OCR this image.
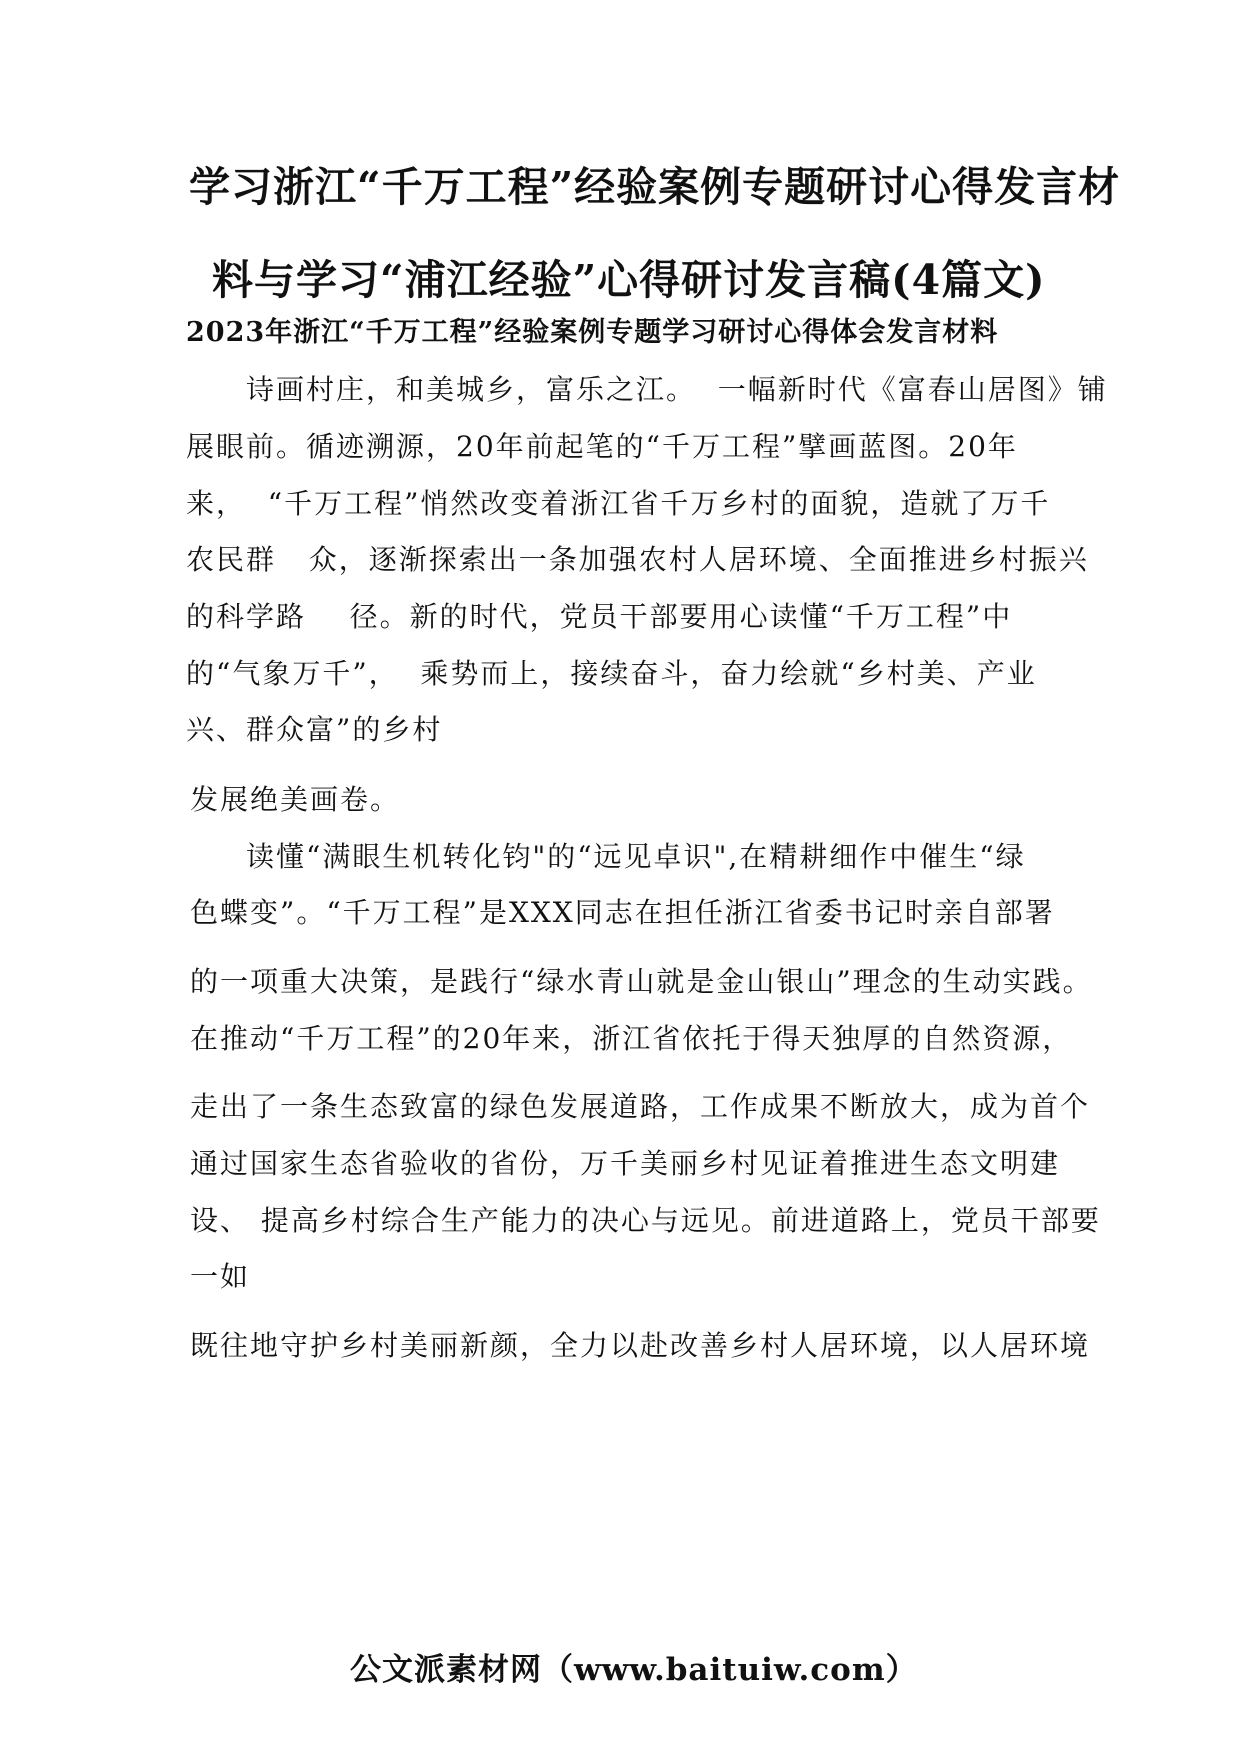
学习浙江“千万工程”经验案例专题研讨心得发言材
料与学习“浦江经验”心得研讨发言稿(4篇文)
2023年浙江“千万工程”经验案例专题学习研讨心得体会发言材料
诗画村庄，和美城乡，富乐之江。  一幅新时代《富春山居图》铺
展眼前。循迹溯源，20年前起笔的“千万工程”擘画蓝图。20年
来，  “千万工程”悄然改变着浙江省千万乡村的面貌，造就了万千
农民群   众，逐渐探索出一条加强农村人居环境、全面推进乡村振兴
的科学路    径。新的时代，党员干部要用心读懂“千万工程”中
的“气象万千”，  乘势而上，接续奋斗，奋力绘就“乡村美、产业
兴、群众富”的乡村
发展绝美画卷。
读懂“满眼生机转化钧"的“远见卓识",在精耕细作中催生“绿
色蝶变”。“千万工程”是XXX同志在担任浙江省委书记时亲自部署
的一项重大决策，是践行“绿水青山就是金山银山”理念的生动实践。
在推动“千万工程”的20年来，浙江省依托于得天独厚的自然资源，
走出了一条生态致富的绿色发展道路，工作成果不断放大，成为首个
通过国家生态省验收的省份，万千美丽乡村见证着推进生态文明建
设、 提高乡村综合生产能力的决心与远见。前进道路上，党员干部要
一如
既往地守护乡村美丽新颜，全力以赴改善乡村人居环境，以人居环境
公文派素材网（www.baituiw.com）
